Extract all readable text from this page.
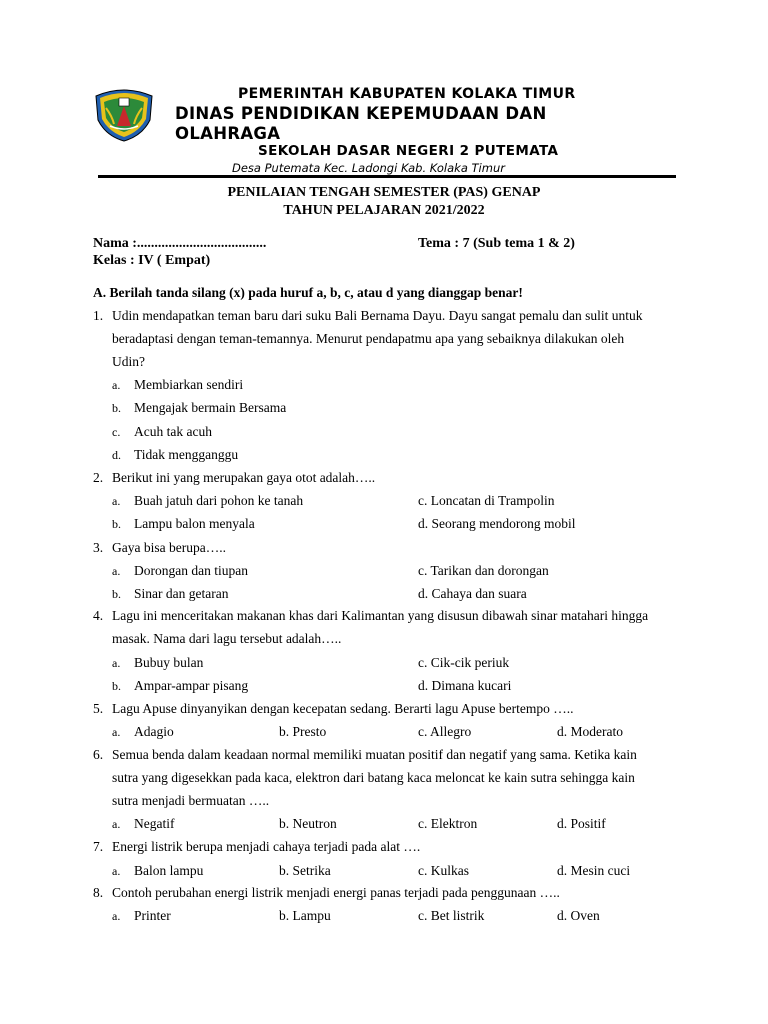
PEMERINTAH KABUPATEN KOLAKA TIMUR
DINAS PENDIDIKAN KEPEMUDAAN DAN OLAHRAGA
SEKOLAH DASAR NEGERI 2 PUTEMATA
Desa Putemata Kec. Ladongi Kab. Kolaka Timur
PENILAIAN TENGAH SEMESTER (PAS) GENAP
TAHUN PELAJARAN 2021/2022
Nama :.....................................	Tema : 7 (Sub tema 1 & 2)
Kelas : IV ( Empat)
A. Berilah tanda silang (x) pada huruf a, b, c, atau d yang dianggap benar!
1. Udin mendapatkan teman baru dari suku Bali Bernama Dayu. Dayu sangat pemalu dan sulit untuk
beradaptasi dengan teman-temannya. Menurut pendapatmu apa yang sebaiknya dilakukan oleh
Udin?
a. Membiarkan sendiri
b. Mengajak bermain Bersama
c. Acuh tak acuh
d. Tidak mengganggu
2. Berikut ini yang merupakan gaya otot adalah…..
a. Buah jatuh dari pohon ke tanah	c. Loncatan di Trampolin
b. Lampu balon menyala	d. Seorang mendorong mobil
3. Gaya bisa berupa…..
a. Dorongan dan tiupan	c. Tarikan dan dorongan
b. Sinar dan getaran	d. Cahaya dan suara
4. Lagu ini menceritakan makanan khas dari Kalimantan yang disusun dibawah sinar matahari hingga
masak. Nama dari lagu tersebut adalah…..
a. Bubuy bulan	c. Cik-cik periuk
b. Ampar-ampar pisang	d. Dimana kucari
5. Lagu Apuse dinyanyikan dengan kecepatan sedang. Berarti lagu Apuse bertempo …..
a. Adagio	b. Presto	c. Allegro	d. Moderato
6. Semua benda dalam keadaan normal memiliki muatan positif dan negatif yang sama. Ketika kain
sutra yang digesekkan pada kaca, elektron dari batang kaca meloncat ke kain sutra sehingga kain
sutra menjadi bermuatan …..
a. Negatif	b. Neutron	c. Elektron	d. Positif
7. Energi listrik berupa menjadi cahaya terjadi pada alat ….
a. Balon lampu	b. Setrika	c. Kulkas	d. Mesin cuci
8. Contoh perubahan energi listrik menjadi energi panas terjadi pada penggunaan …..
a. Printer	b. Lampu	c. Bet listrik	d. Oven
